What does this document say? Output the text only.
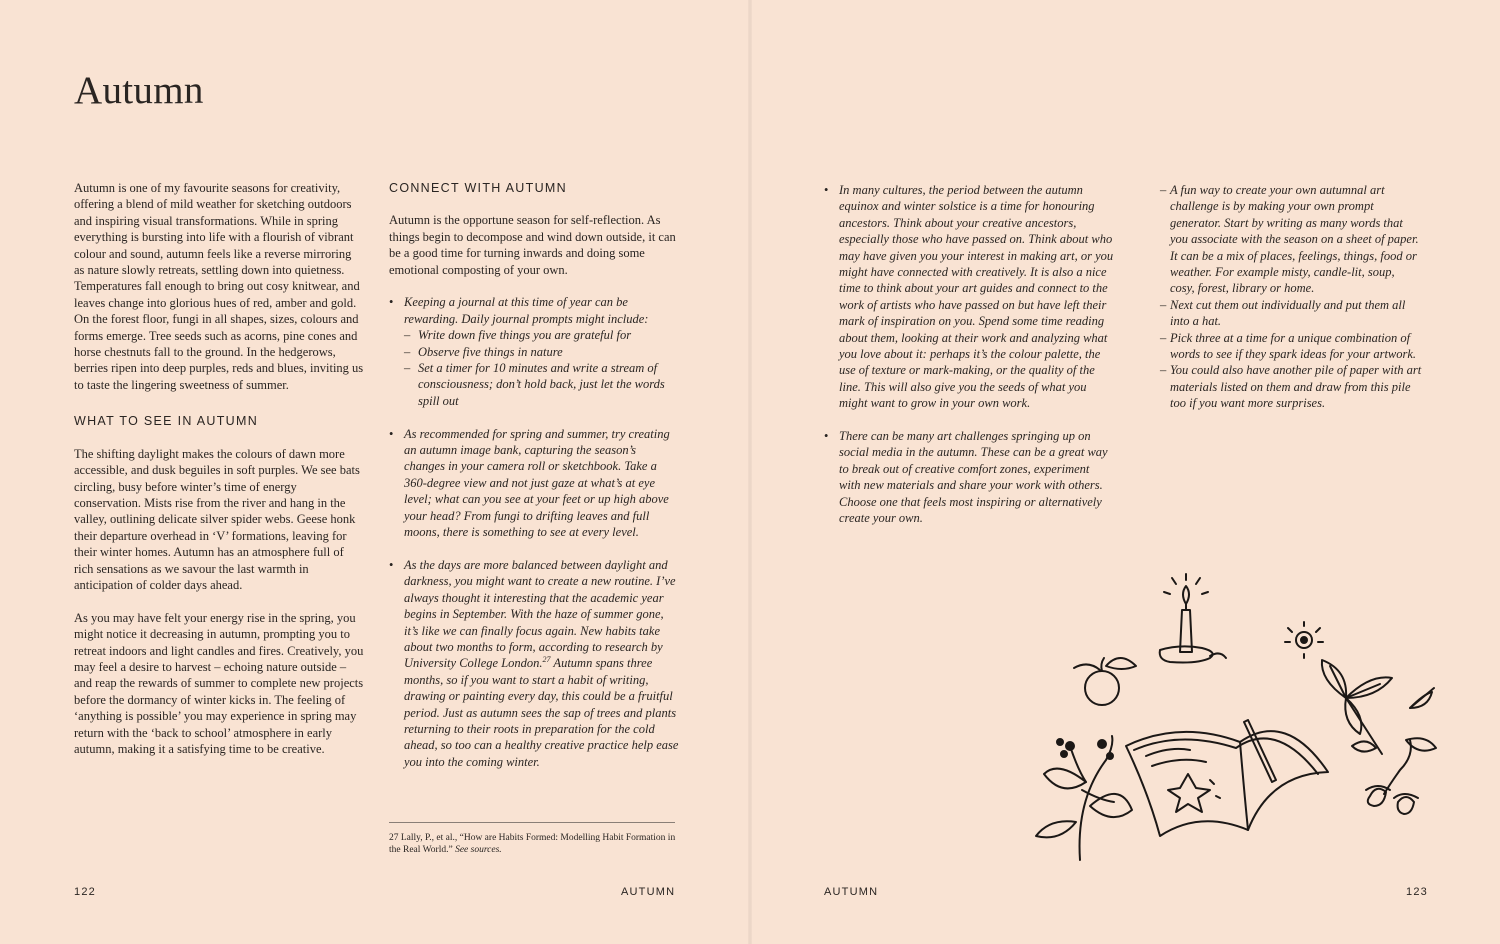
Autumn

Autumn is one of my favourite seasons for creativity, offering a blend of mild weather for sketching outdoors and inspiring visual transformations. While in spring everything is bursting into life with a flourish of vibrant colour and sound, autumn feels like a reverse mirroring as nature slowly retreats, settling down into quietness. Temperatures fall enough to bring out cosy knitwear, and leaves change into glorious hues of red, amber and gold. On the forest floor, fungi in all shapes, sizes, colours and forms emerge. Tree seeds such as acorns, pine cones and horse chestnuts fall to the ground. In the hedgerows, berries ripen into deep purples, reds and blues, inviting us to taste the lingering sweetness of summer.

WHAT TO SEE IN AUTUMN

The shifting daylight makes the colours of dawn more accessible, and dusk beguiles in soft purples. We see bats circling, busy before winter’s time of energy conservation. Mists rise from the river and hang in the valley, outlining delicate silver spider webs. Geese honk their departure overhead in ‘V’ formations, leaving for their winter homes. Autumn has an atmosphere full of rich sensations as we savour the last warmth in anticipation of colder days ahead.

As you may have felt your energy rise in the spring, you might notice it decreasing in autumn, prompting you to retreat indoors and light candles and fires. Creatively, you may feel a desire to harvest – echoing nature outside – and reap the rewards of summer to complete new projects before the dormancy of winter kicks in. The feeling of ‘anything is possible’ you may experience in spring may return with the ‘back to school’ atmosphere in early autumn, making it a satisfying time to be creative.

CONNECT WITH AUTUMN

Autumn is the opportune season for self-reflection. As things begin to decompose and wind down outside, it can be a good time for turning inwards and doing some emotional composting of your own.

• Keeping a journal at this time of year can be rewarding. Daily journal prompts might include:
– Write down five things you are grateful for
– Observe five things in nature
– Set a timer for 10 minutes and write a stream of consciousness; don’t hold back, just let the words spill out
• As recommended for spring and summer, try creating an autumn image bank, capturing the season’s changes in your camera roll or sketchbook. Take a 360-degree view and not just gaze at what’s at eye level; what can you see at your feet or up high above your head? From fungi to drifting leaves and full moons, there is something to see at every level.
• As the days are more balanced between daylight and darkness, you might want to create a new routine. I’ve always thought it interesting that the academic year begins in September. With the haze of summer gone, it’s like we can finally focus again. New habits take about two months to form, according to research by University College London.$^{27}$ Autumn spans three months, so if you want to start a habit of writing, drawing or painting every day, this could be a fruitful period. Just as autumn sees the sap of trees and plants returning to their roots in preparation for the cold ahead, so too can a healthy creative practice help ease you into the coming winter.
27 Lally, P., et al., “How are Habits Formed: Modelling Habit Formation in the Real World.” See sources.
• In many cultures, the period between the autumn equinox and winter solstice is a time for honouring ancestors. Think about your creative ancestors, especially those who have passed on. Think about who may have given you your interest in making art, or you might have connected with creatively. It is also a nice time to think about your art guides and connect to the work of artists who have passed on but have left their mark of inspiration on you. Spend some time reading about them, looking at their work and analyzing what you love about it: perhaps it’s the colour palette, the use of texture or mark-making, or the quality of the line. This will also give you the seeds of what you might want to grow in your own work.
• There can be many art challenges springing up on social media in the autumn. These can be a great way to break out of creative comfort zones, experiment with new materials and share your work with others. Choose one that feels most inspiring or alternatively create your own.
– A fun way to create your own autumnal art challenge is by making your own prompt generator. Start by writing as many words that you associate with the season on a sheet of paper. It can be a mix of places, feelings, things, food or weather. For example misty, candle-lit, soup, cosy, forest, library or home.
– Next cut them out individually and put them all into a hat.
– Pick three at a time for a unique combination of words to see if they spark ideas for your artwork.
– You could also have another pile of paper with art materials listed on them and draw from this pile too if you want more surprises.
122	AUTUMN	AUTUMN	123
